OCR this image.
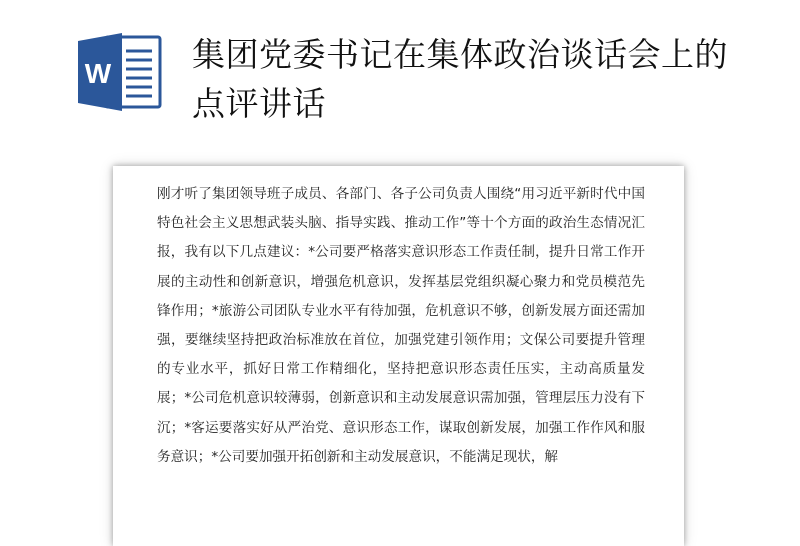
W 集团党委书记在集体政治谈话会上的点评讲话

刚才听了集团领导班子成员、各部门、各子公司负责人围绕“用习近平新时代中国特色社会主义思想武装头脑、指导实践、推动工作”等十个方面的政治生态情况汇报，我有以下几点建议：*公司要严格落实意识形态工作责任制，提升日常工作开展的主动性和创新意识，增强危机意识，发挥基层党组织凝心聚力和党员模范先锋作用；*旅游公司团队专业水平有待加强，危机意识不够，创新发展方面还需加强，要继续坚持把政治标准放在首位，加强党建引领作用；文保公司要提升管理的专业水平，抓好日常工作精细化，坚持把意识形态责任压实，主动高质量发展；*公司危机意识较薄弱，创新意识和主动发展意识需加强，管理层压力没有下沉；*客运要落实好从严治党、意识形态工作，谋取创新发展，加强工作作风和服务意识；*公司要加强开拓创新和主动发展意识，不能满足现状，解
